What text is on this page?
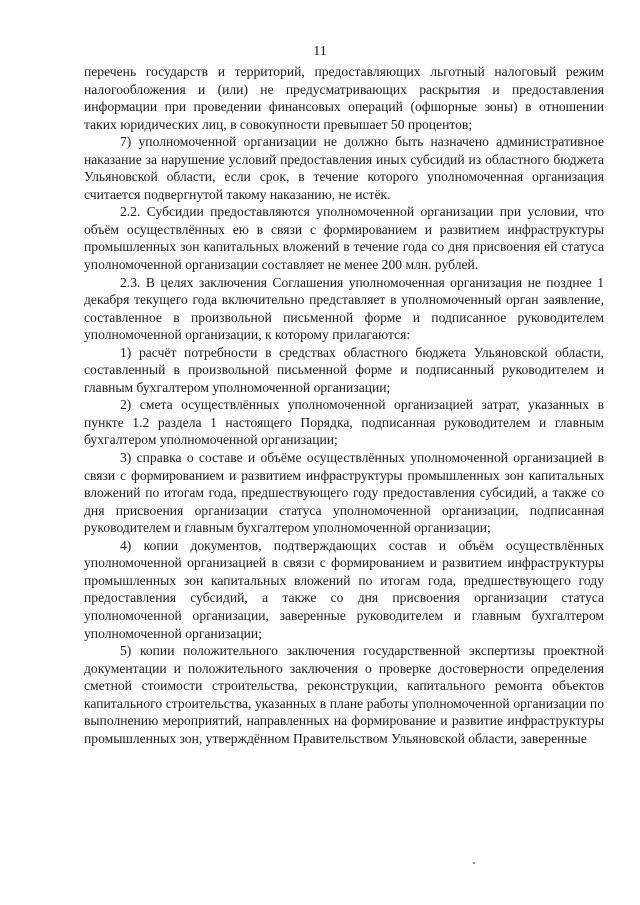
11

перечень государств и территорий, предоставляющих льготный налоговый режим налогообложения и (или) не предусматривающих раскрытия и предоставления информации при проведении финансовых операций (офшорные зоны) в отношении таких юридических лиц, в совокупности превышает 50 процентов;

7) уполномоченной организации не должно быть назначено административное наказание за нарушение условий предоставления иных субсидий из областного бюджета Ульяновской области, если срок, в течение которого уполномоченная организация считается подвергнутой такому наказанию, не истёк.

2.2. Субсидии предоставляются уполномоченной организации при условии, что объём осуществлённых ею в связи с формированием и развитием инфраструктуры промышленных зон капитальных вложений в течение года со дня присвоения ей статуса уполномоченной организации составляет не менее 200 млн. рублей.

2.3. В целях заключения Соглашения уполномоченная организация не позднее 1 декабря текущего года включительно представляет в уполномоченный орган заявление, составленное в произвольной письменной форме и подписанное руководителем уполномоченной организации, к которому прилагаются:

1) расчёт потребности в средствах областного бюджета Ульяновской области, составленный в произвольной письменной форме и подписанный руководителем и главным бухгалтером уполномоченной организации;

2) смета осуществлённых уполномоченной организацией затрат, указанных в пункте 1.2 раздела 1 настоящего Порядка, подписанная руководителем и главным бухгалтером уполномоченной организации;

3) справка о составе и объёме осуществлённых уполномоченной организацией в связи с формированием и развитием инфраструктуры промышленных зон капитальных вложений по итогам года, предшествующего году предоставления субсидий, а также со дня присвоения организации статуса уполномоченной организации, подписанная руководителем и главным бухгалтером уполномоченной организации;

4) копии документов, подтверждающих состав и объём осуществлённых уполномоченной организацией в связи с формированием и развитием инфраструктуры промышленных зон капитальных вложений по итогам года, предшествующего году предоставления субсидий, а также со дня присвоения организации статуса уполномоченной организации, заверенные руководителем и главным бухгалтером уполномоченной организации;

5) копии положительного заключения государственной экспертизы проектной документации и положительного заключения о проверке достоверности определения сметной стоимости строительства, реконструкции, капитального ремонта объектов капитального строительства, указанных в плане работы уполномоченной организации по выполнению мероприятий, направленных на формирование и развитие инфраструктуры промышленных зон, утверждённом Правительством Ульяновской области, заверенные
